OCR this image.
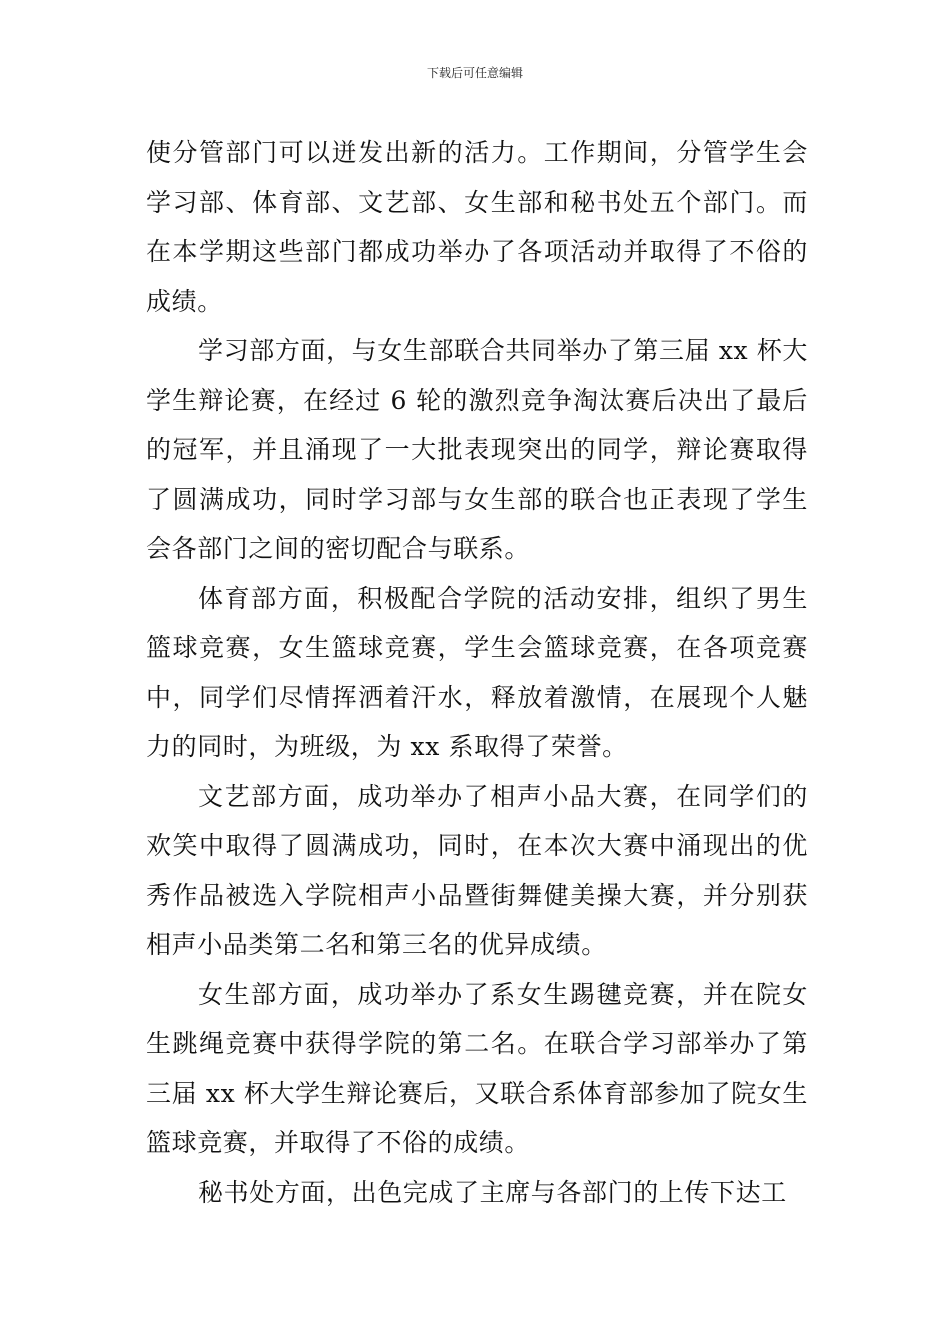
下载后可任意编辑

使分管部门可以迸发出新的活力。工作期间，分管学生会学习部、体育部、文艺部、女生部和秘书处五个部门。而在本学期这些部门都成功举办了各项活动并取得了不俗的成绩。

学习部方面，与女生部联合共同举办了第三届 xx 杯大学生辩论赛，在经过 6 轮的激烈竞争淘汰赛后决出了最后的冠军，并且涌现了一大批表现突出的同学，辩论赛取得了圆满成功，同时学习部与女生部的联合也正表现了学生会各部门之间的密切配合与联系。

体育部方面，积极配合学院的活动安排，组织了男生篮球竞赛，女生篮球竞赛，学生会篮球竞赛，在各项竞赛中，同学们尽情挥洒着汗水，释放着激情，在展现个人魅力的同时，为班级，为 xx 系取得了荣誉。

文艺部方面，成功举办了相声小品大赛，在同学们的欢笑中取得了圆满成功，同时，在本次大赛中涌现出的优秀作品被选入学院相声小品暨街舞健美操大赛，并分别获相声小品类第二名和第三名的优异成绩。

女生部方面，成功举办了系女生踢毽竞赛，并在院女生跳绳竞赛中获得学院的第二名。在联合学习部举办了第三届 xx 杯大学生辩论赛后，又联合系体育部参加了院女生篮球竞赛，并取得了不俗的成绩。

秘书处方面，出色完成了主席与各部门的上传下达工
